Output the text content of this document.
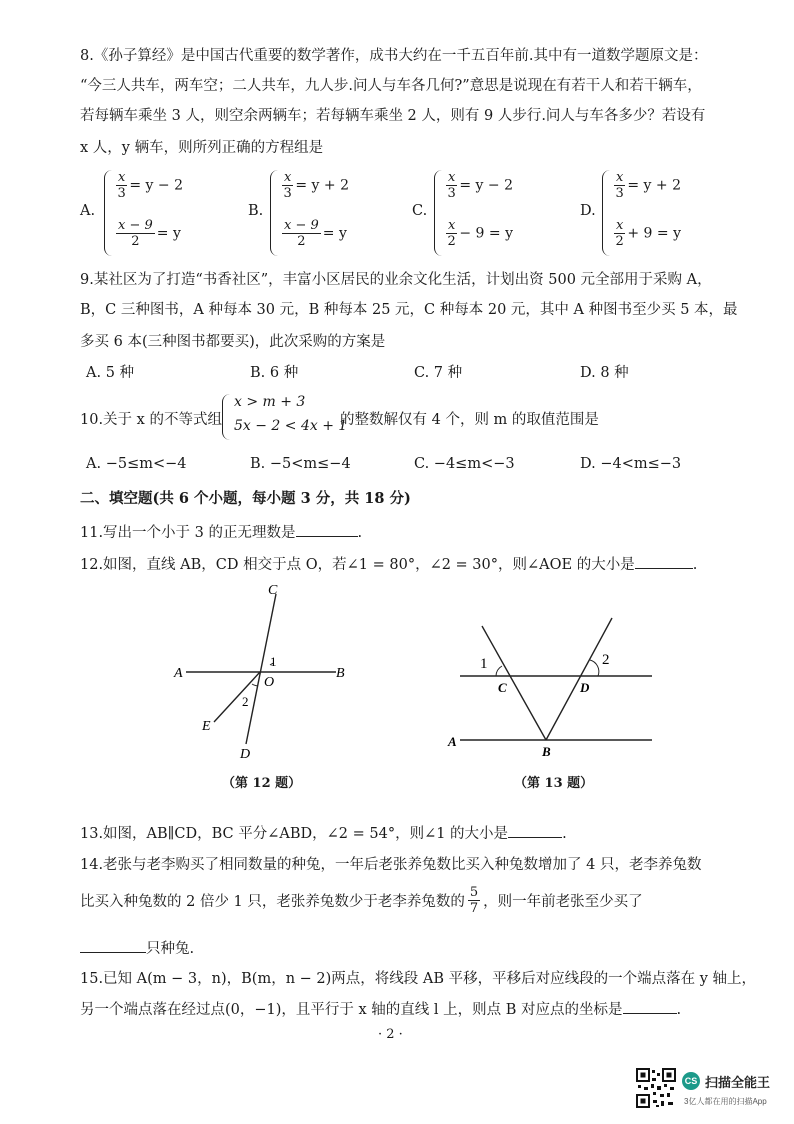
8.《孙子算经》是中国古代重要的数学著作，成书大约在一千五百年前.其中有一道数学题原文是：
“今三人共车，两车空；二人共车，九人步.问人与车各几何?”意思是说现在有若干人和若干辆车，
若每辆车乘坐 3 人，则空余两辆车；若每辆车乘坐 2 人，则有 9 人步行.问人与车各多少？若设有
x 人，y 辆车，则所列正确的方程组是
A.
$\frac{x}{3} = y - 2$
$\frac{x - 9}{2} = y$
B.
$\frac{x}{3} = y + 2$
$\frac{x - 9}{2} = y$
C.
$\frac{x}{3} = y - 2$
$\frac{x}{2} - 9 = y$
D.
$\frac{x}{3} = y + 2$
$\frac{x}{2} + 9 = y$
9.某社区为了打造“书香社区”，丰富小区居民的业余文化生活，计划出资 500 元全部用于采购 A，
B，C 三种图书，A 种每本 30 元，B 种每本 25 元，C 种每本 20 元，其中 A 种图书至少买 5 本，最
多买 6 本(三种图书都要买)，此次采购的方案是
A. 5 种	B. 6 种	C. 7 种	D. 8 种
10.关于 x 的不等式组
x > m + 3
5x − 2 < 4x + 1
的整数解仅有 4 个，则 m 的取值范围是
A. −5≤m<−4	B. −5<m≤−4	C. −4≤m<−3	D. −4<m≤−3
二、填空题(共 6 个小题，每小题 3 分，共 18 分)
11.写出一个小于 3 的正无理数是	.
12.如图，直线 AB，CD 相交于点 O，若∠1 = 80°，∠2 = 30°，则∠AOE 的大小是	.
C
A	B
O
1
2
E
D
（第 12 题）
1	2
C	D
A
B
（第 13 题）
13.如图，AB∥CD，BC 平分∠ABD，∠2 = 54°，则∠1 的大小是	.
14.老张与老李购买了相同数量的种兔，一年后老张养兔数比买入种兔数增加了 4 只，老李养兔数
比买入种兔数的 2 倍少 1 只，老张养兔数少于老李养兔数的 $\frac{5}{7}$ ，则一年前老张至少买了
只种兔.
15.已知 A(m − 3，n)，B(m，n − 2)两点，将线段 AB 平移，平移后对应线段的一个端点落在 y 轴上，
另一个端点落在经过点(0，−1)，且平行于 x 轴的直线 l 上，则点 B 对应点的坐标是	.
· 2 ·
CS 扫描全能王
3亿人都在用的扫描App
